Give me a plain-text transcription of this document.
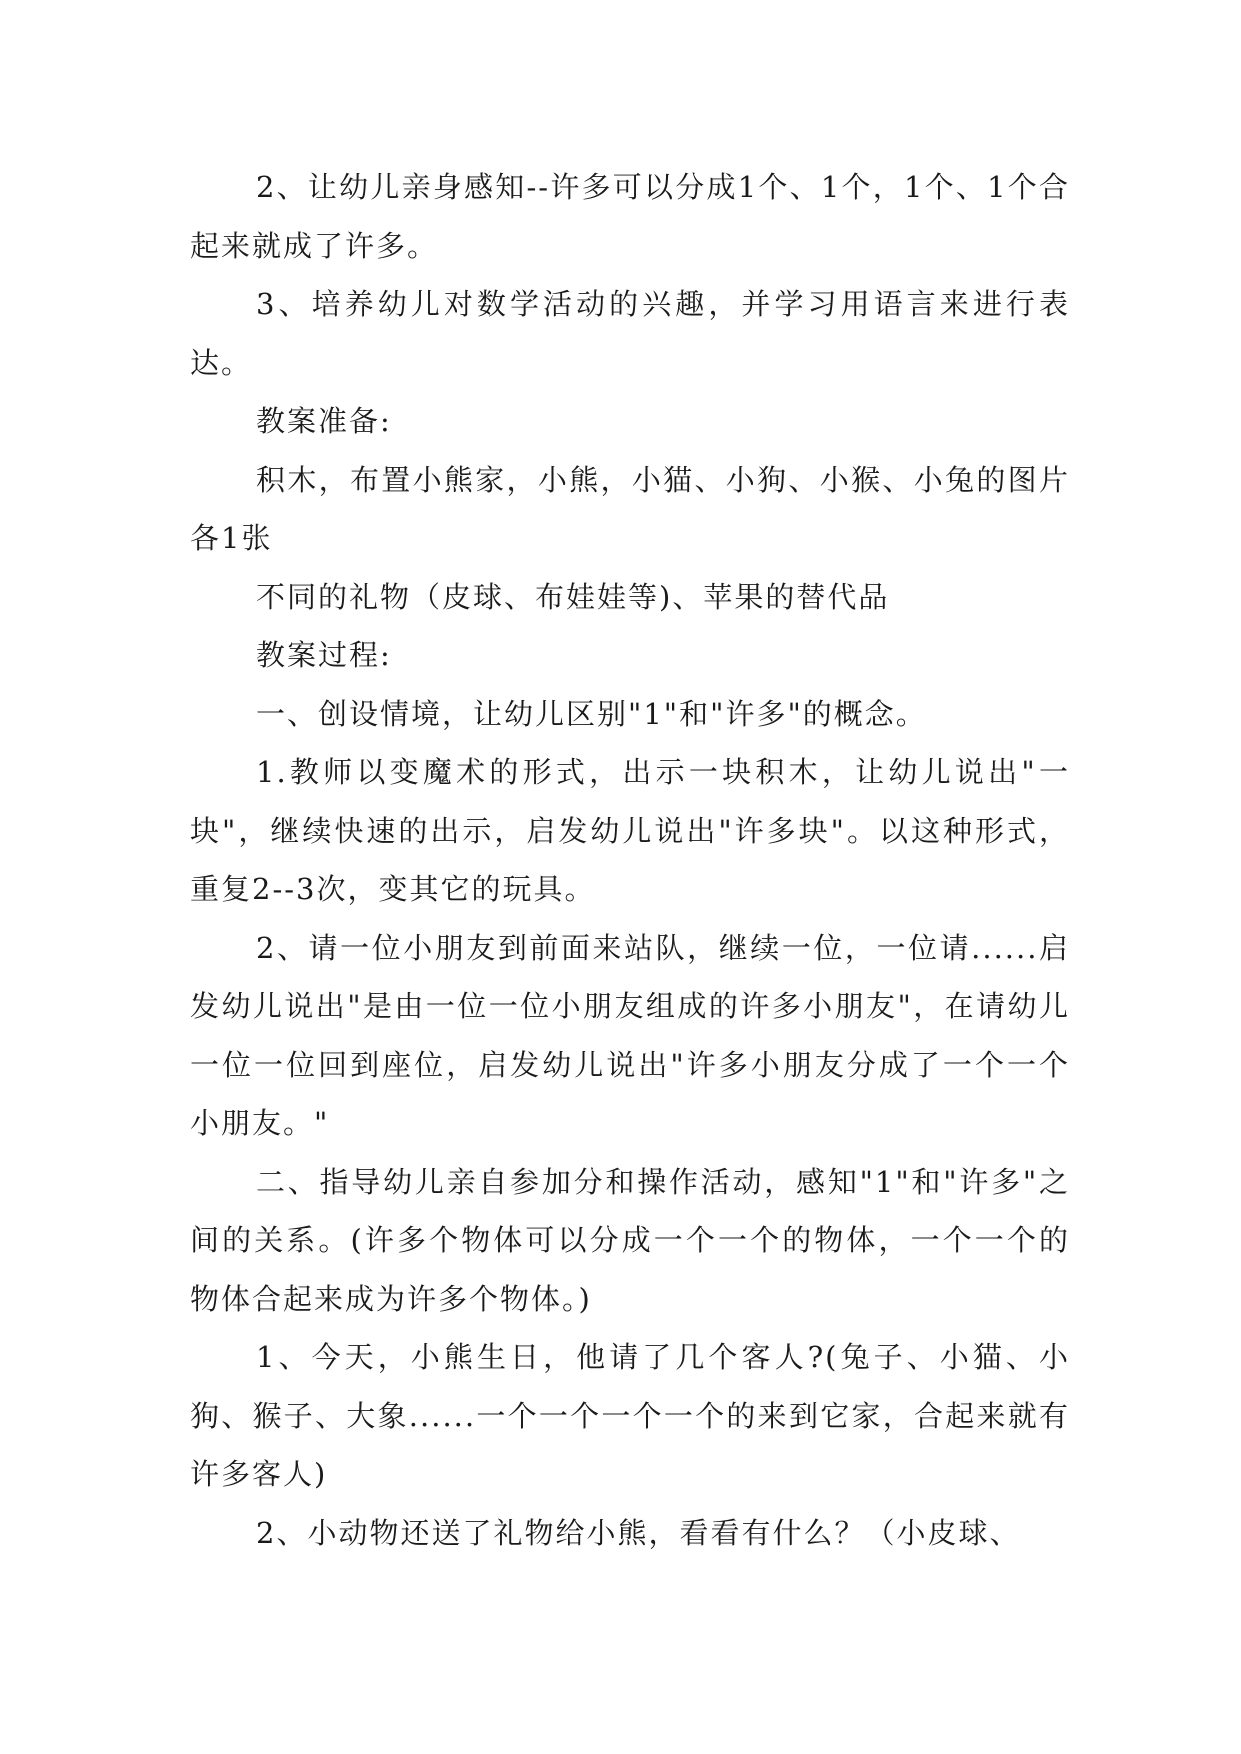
2、让幼儿亲身感知--许多可以分成1个、1个，1个、1个合起来就成了许多。

3、培养幼儿对数学活动的兴趣，并学习用语言来进行表达。

教案准备:

积木，布置小熊家，小熊，小猫、小狗、小猴、小兔的图片各1张

不同的礼物（皮球、布娃娃等)、苹果的替代品

教案过程:

一、创设情境，让幼儿区别"1"和"许多"的概念。

1.教师以变魔术的形式，出示一块积木，让幼儿说出"一块"，继续快速的出示，启发幼儿说出"许多块"。以这种形式，重复2--3次，变其它的玩具。

2、请一位小朋友到前面来站队，继续一位，一位请......启发幼儿说出"是由一位一位小朋友组成的许多小朋友"，在请幼儿一位一位回到座位，启发幼儿说出"许多小朋友分成了一个一个小朋友。"

二、指导幼儿亲自参加分和操作活动，感知"1"和"许多"之间的关系。(许多个物体可以分成一个一个的物体，一个一个的物体合起来成为许多个物体。)

1、今天，小熊生日，他请了几个客人?(兔子、小猫、小狗、猴子、大象......一个一个一个一个的来到它家，合起来就有许多客人)

2、小动物还送了礼物给小熊，看看有什么？（小皮球、
